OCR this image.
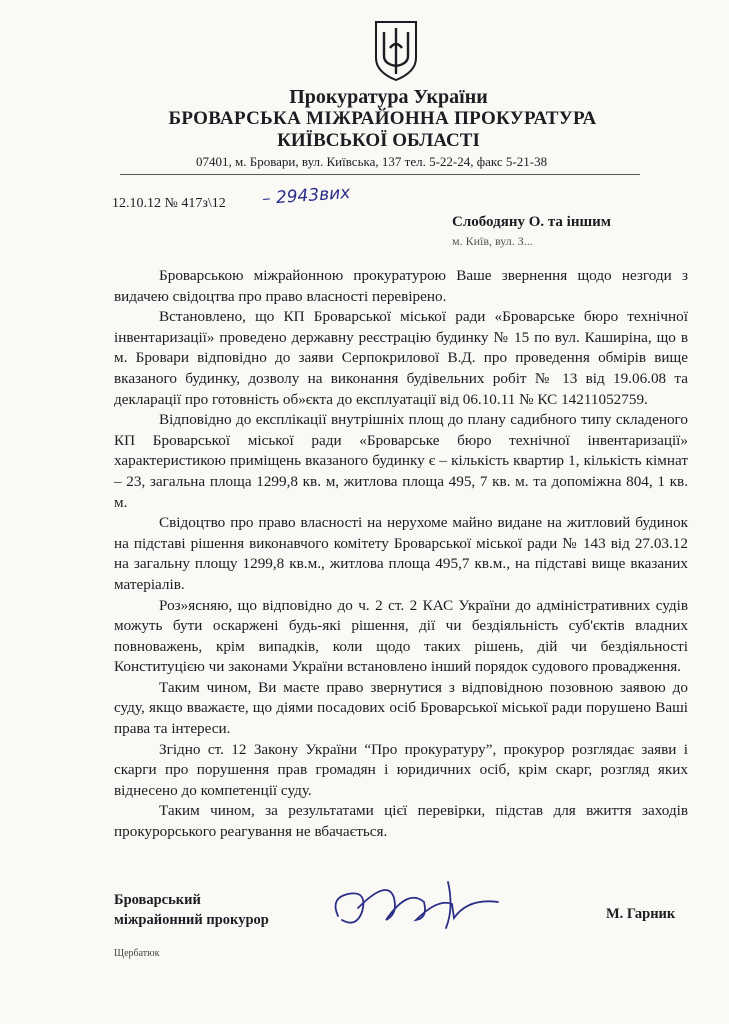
Прокуратура України
БРОВАРСЬКА МІЖРАЙОННА ПРОКУРАТУРА
КИЇВСЬКОЇ ОБЛАСТІ
07401, м. Бровари, вул. Київська, 137 тел. 5-22-24, факс 5-21-38
12.10.12 № 417з\12 – 2943вих
Слободяну О. та іншим
м. Київ, вул. З...

Броварською міжрайонною прокуратурою Ваше звернення щодо незгоди з видачею свідоцтва про право власності перевірено.

Встановлено, що КП Броварської міської ради «Броварське бюро технічної інвентаризації» проведено державну реєстрацію будинку № 15 по вул. Каширіна, що в м. Бровари відповідно до заяви Серпокрилової В.Д. про проведення обмірів вище вказаного будинку, дозволу на виконання будівельних робіт № 13 від 19.06.08 та декларації про готовність об»єкта до експлуатації від 06.10.11 № КС 14211052759.

Відповідно до експлікації внутрішніх площ до плану садибного типу складеного КП Броварської міської ради «Броварське бюро технічної інвентаризації» характеристикою приміщень вказаного будинку є – кількість квартир 1, кількість кімнат – 23, загальна площа 1299,8 кв. м, житлова площа 495, 7 кв. м. та допоміжна 804, 1 кв. м.

Свідоцтво про право власності на нерухоме майно видане на житловий будинок на підставі рішення виконавчого комітету Броварської міської ради № 143 від 27.03.12 на загальну площу 1299,8 кв.м., житлова площа 495,7 кв.м., на підставі вище вказаних матеріалів.

Роз»ясняю, що відповідно до ч. 2 ст. 2 КАС України до адміністративних судів можуть бути оскаржені будь-які рішення, дії чи бездіяльність суб'єктів владних повноважень, крім випадків, коли щодо таких рішень, дій чи бездіяльності Конституцією чи законами України встановлено інший порядок судового провадження.

Таким чином, Ви маєте право звернутися з відповідною позовною заявою до суду, якщо вважаєте, що діями посадових осіб Броварської міської ради порушено Ваші права та інтереси.

Згідно ст. 12 Закону України “Про прокуратуру”, прокурор розглядає заяви і скарги про порушення прав громадян і юридичних осіб, крім скарг, розгляд яких віднесено до компетенції суду.

Таким чином, за результатами цієї перевірки, підстав для вжиття заходів прокурорського реагування не вбачається.

Броварський
міжрайонний прокурор	М. Гарник
Щербатюк
